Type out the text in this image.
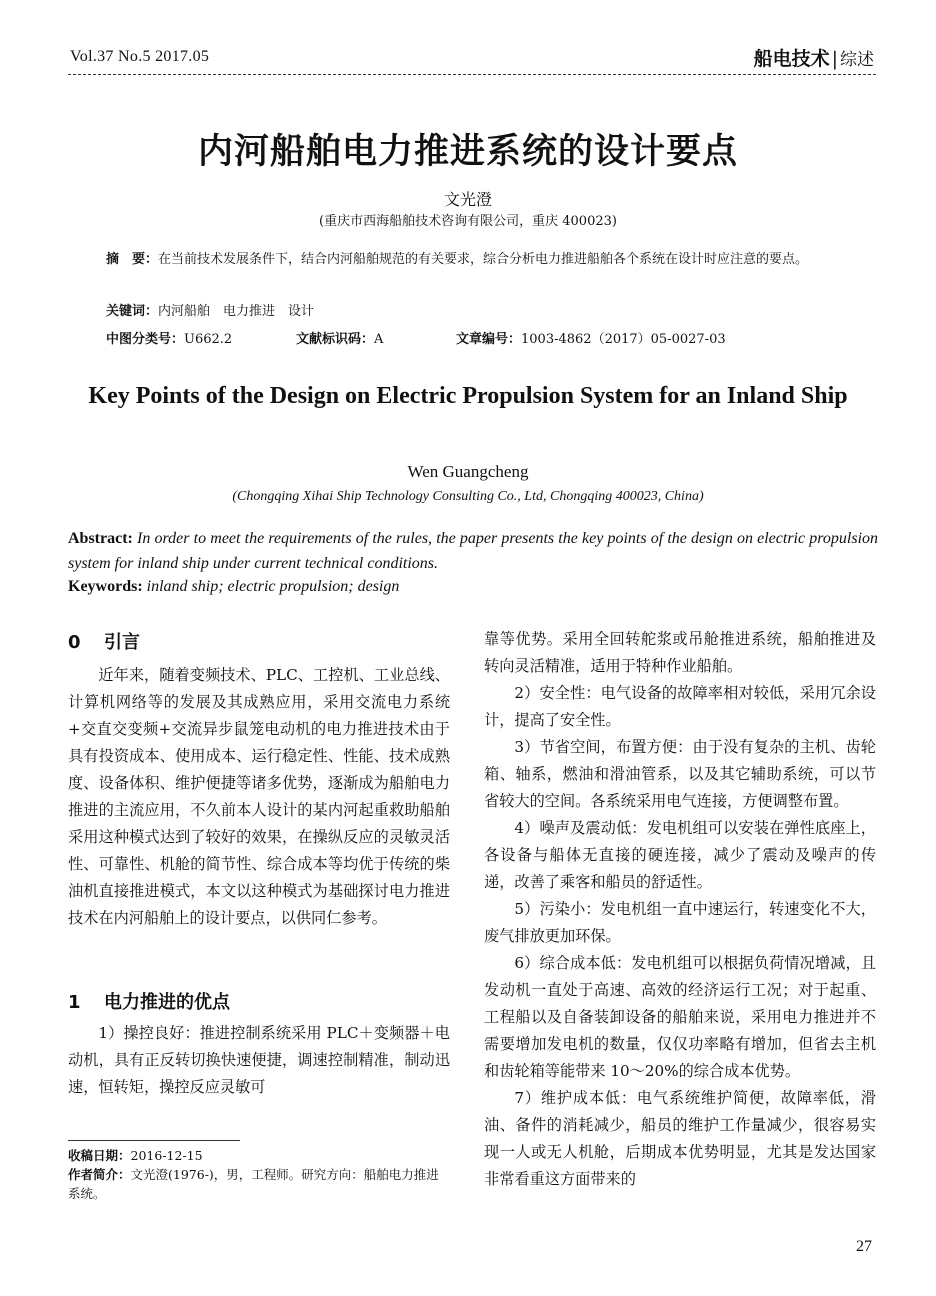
Vol.37 No.5 2017.05	船电技术 | 综述
内河船舶电力推进系统的设计要点
文光澄
(重庆市西海船舶技术咨询有限公司，重庆 400023)
摘　要：在当前技术发展条件下，结合内河船舶规范的有关要求，综合分析电力推进船舶各个系统在设计时应注意的要点。
关键词：内河船舶　电力推进　设计
中图分类号：U662.2	文献标识码：A	文章编号：1003-4862（2017）05-0027-03
Key Points of the Design on Electric Propulsion System for an Inland Ship
Wen Guangcheng
(Chongqing Xihai Ship Technology Consulting Co., Ltd, Chongqing 400023, China)
Abstract: In order to meet the requirements of the rules, the paper presents the key points of the design on electric propulsion system for inland ship under current technical conditions.
Keywords: inland ship; electric propulsion; design
0 引言

近年来，随着变频技术、PLC、工控机、工业总线、计算机网络等的发展及其成熟应用，采用交流电力系统+交直交变频+交流异步鼠笼电动机的电力推进技术由于具有投资成本、使用成本、运行稳定性、性能、技术成熟度、设备体积、维护便捷等诸多优势，逐渐成为船舶电力推进的主流应用，不久前本人设计的某内河起重救助船舶采用这种模式达到了较好的效果，在操纵反应的灵敏灵活性、可靠性、机舱的简节性、综合成本等均优于传统的柴油机直接推进模式，本文以这种模式为基础探讨电力推进技术在内河船舶上的设计要点，以供同仁参考。

1 电力推进的优点

1）操控良好：推进控制系统采用 PLC＋变频器＋电动机，具有正反转切换快速便捷，调速控制精准，制动迅速，恒转矩，操控反应灵敏可

收稿日期：2016-12-15
作者简介：文光澄(1976-)，男，工程师。研究方向：船舶电力推进系统。

靠等优势。采用全回转舵浆或吊舱推进系统，船舶推进及转向灵活精准，适用于特种作业船舶。

2）安全性：电气设备的故障率相对较低，采用冗余设计，提高了安全性。

3）节省空间，布置方便：由于没有复杂的主机、齿轮箱、轴系，燃油和滑油管系，以及其它辅助系统，可以节省较大的空间。各系统采用电气连接，方便调整布置。

4）噪声及震动低：发电机组可以安装在弹性底座上，各设备与船体无直接的硬连接，减少了震动及噪声的传递，改善了乘客和船员的舒适性。

5）污染小：发电机组一直中速运行，转速变化不大，废气排放更加环保。

6）综合成本低：发电机组可以根据负荷情况增减，且发动机一直处于高速、高效的经济运行工况；对于起重、工程船以及自备装卸设备的船舶来说，采用电力推进并不需要增加发电机的数量，仅仅功率略有增加，但省去主机和齿轮箱等能带来 10～20%的综合成本优势。

7）维护成本低：电气系统维护简便，故障率低，滑油、备件的消耗减少，船员的维护工作量减少，很容易实现一人或无人机舱，后期成本优势明显，尤其是发达国家非常看重这方面带来的

27
